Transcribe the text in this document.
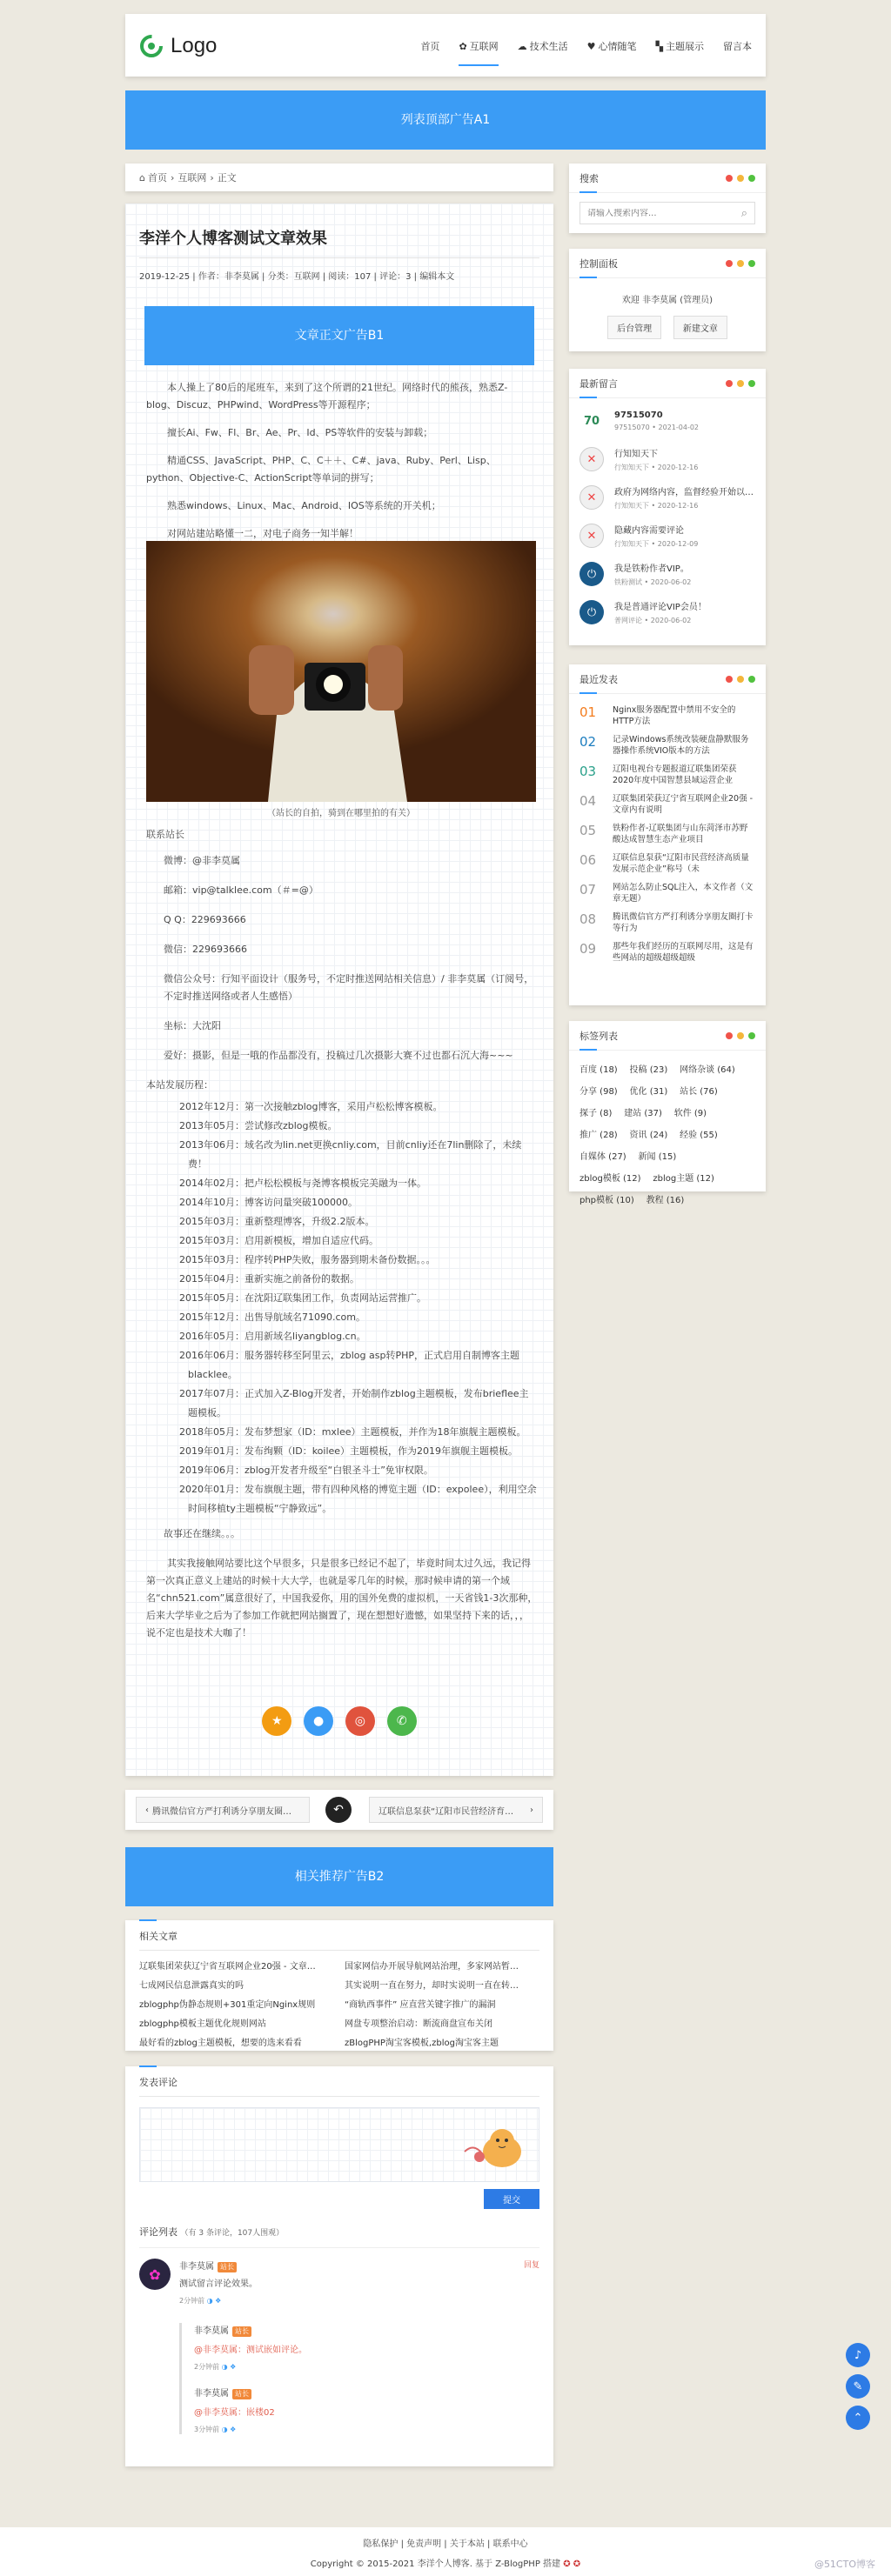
Logo	首页 ✿ 互联网 ☁ 技术生活 ♥ 心情随笔 ▚ 主题展示 留言本
列表顶部广告A1
⌂ 首页 › 互联网 › 正文
李洋个人博客测试文章效果
2019-12-25 | 作者：非李莫属 | 分类：互联网 | 阅读：107 | 评论：3 | 编辑本文
文章正文广告B1

本人操上了80后的尾班车，来到了这个所谓的21世纪。网络时代的熊孩，熟悉Z-blog、Discuz、PHPwind、WordPress等开源程序；

擅长Ai、Fw、Fl、Br、Ae、Pr、Id、PS等软件的安装与卸载；

精通CSS、JavaScript、PHP、C、C＋＋、C#、java、Ruby、Perl、Lisp、python、Objective-C、ActionScript等单词的拼写；

熟悉windows、Linux、Mac、Android、IOS等系统的开关机；

对网站建站略懂一二，对电子商务一知半解！

（站长的自拍，骑到在哪里拍的有关）

联系站长

微博：@非李莫属

邮箱：vip@talklee.com（＃=@）

Q Q：229693666

微信：229693666

微信公众号：行知平面设计（服务号，不定时推送网站相关信息）/ 非李莫属（订阅号，不定时推送网络或者人生感悟）

坐标：大沈阳

爱好：摄影，但是一哦的作品都没有，投稿过几次摄影大赛不过也都石沉大海~~~

本站发展历程：

2012年12月：第一次接触zblog博客，采用卢松松博客模板。
2013年05月：尝试修改zblog模板。
2013年06月：域名改为lin.net更换cnliy.com，目前cnliy还在7lin删除了，未续费！
2014年02月：把卢松松模板与尧博客模板完美融为一体。
2014年10月：博客访问量突破100000。
2015年03月：重新整理博客，升级2.2版本。
2015年03月：启用新模板，增加自适应代码。
2015年03月：程序转PHP失败，服务器到期未备份数据。。。
2015年04月：重新实施之前备份的数据。
2015年05月：在沈阳辽联集团工作，负责网站运营推广。
2015年12月：出售导航域名71090.com。
2016年05月：启用新域名liyangblog.cn。
2016年06月：服务器转移至阿里云，zblog asp转PHP，正式启用自制博客主题blacklee。
2017年07月：正式加入Z-Blog开发者，开始制作zblog主题模板，发布brieflee主题模板。
2018年05月：发布梦想家（ID：mxlee）主题模板，并作为18年旗舰主题模板。
2019年01月：发布绚颗（ID：koilee）主题模板，作为2019年旗舰主题模板。
2019年06月：zblog开发者升级至“白银圣斗士”免审权限。
2020年01月：发布旗舰主题，带有四种风格的博览主题（ID：expolee），利用空余时间移植ty主题模板“宁静致远”。

故事还在继续。。。

其实我接触网站要比这个早很多，只是很多已经记不起了，毕竟时间太过久远，我记得第一次真正意义上建站的时候十大大学，也就是零几年的时候，那时候申请的第一个域名“chn521.com”属意很好了，中国我爱你，用的国外免费的虚拟机，一天省钱1-3次那种，后来大学毕业之后为了参加工作就把网站搁置了，现在想想好遗憾，如果坚持下来的话，，，说不定也是技术大咖了！

★
	●
	◎
	✆
‹ 腾讯微信官方严打利诱分享朋友圈…	↶	辽联信息泵获“辽阳市民营经济育… ›
相关推荐广告B2
相关文章
辽联集团荣获辽宁省互联网企业20强 - 文章…	国家网信办开展导航网站治理，多家网站暂…
七成网民信息泄露真实的吗	其实说明一直在努力，却时实说明一直在转…
zblogphp伪静态规则+301重定向Nginx规则	“商轨西事件” 应直营关键字推广的漏洞
zblogphp模板主题优化规则网站	网盘专项整治启动：断流商盘宣布关闭
最好看的zblog主题模板，想要的选来看看	zBlogPHP淘宝客模板,zblog淘宝客主题
发表评论
提交
评论列表 （有 3 条评论，107人围观）
✿	非李莫属 站长	回复
测试留言评论效果。
2分钟前 ◑ ❖
非李莫属 站长
@非李莫属：测试嵌如评论。
2分钟前 ◑ ❖
非李莫属 站长
@非李莫属：嵌楼02
3分钟前 ◑ ❖
搜索
请输入搜索内容...
⌕
控制面板
欢迎 非李莫属 (管理员)
后台管理	新建文章
最新留言
70	97515070
97515070 • 2021-04-02
✕	行知知天下
行知知天下 • 2020-12-16
✕	政府为网络内容，监督经验开始以…
行知知天下 • 2020-12-16
✕	隐藏内容需要评论
行知知天下 • 2020-12-09
⏻	我是铁粉作者VIP。
铁粉测试 • 2020-06-02
⏻	我是普通评论VIP会员！
普网评论 • 2020-06-02
最近发表
01	Nginx服务器配置中禁用不安全的HTTP方法
02	记录Windows系统改装硬盘静默服务器操作系统VIO版本的方法
03	辽阳电视台专题报道辽联集团荣获2020年度中国智慧县域运营企业
04	辽联集团荣获辽宁省互联网企业20强 - 文章内有说明
05	铁粉作者-辽联集团与山东菏泽市苏野酸达成智慧生态产业项目
06	辽联信息泵获“辽阳市民营经济高质量发展示范企业”称号（未
07	网站怎么防止SQL注入，本文作者（文章无题）
08	腾讯微信官方严打利诱分享朋友圈打卡等行为
09	那些年我们经历的互联网尽用，这是有些网站的超级超级超级
标签列表
百度 (18) 投稿 (23) 网络杂谈 (64) 分享 (98) 优化 (31) 站长 (76) 探子 (8) 建站 (37) 软件 (9) 推广 (28) 资讯 (24) 经验 (55) 自媒体 (27) 新闻 (15) zblog模板 (12) zblog主题 (12) php模板 (10) 教程 (16)
♪
✎
⌃
隐私保护 | 免责声明 | 关于本站 | 联系中心
Copyright © 2015-2021 李洋个人博客. 基于 Z-BlogPHP 搭建 ✪ ✪	@51CTO博客
